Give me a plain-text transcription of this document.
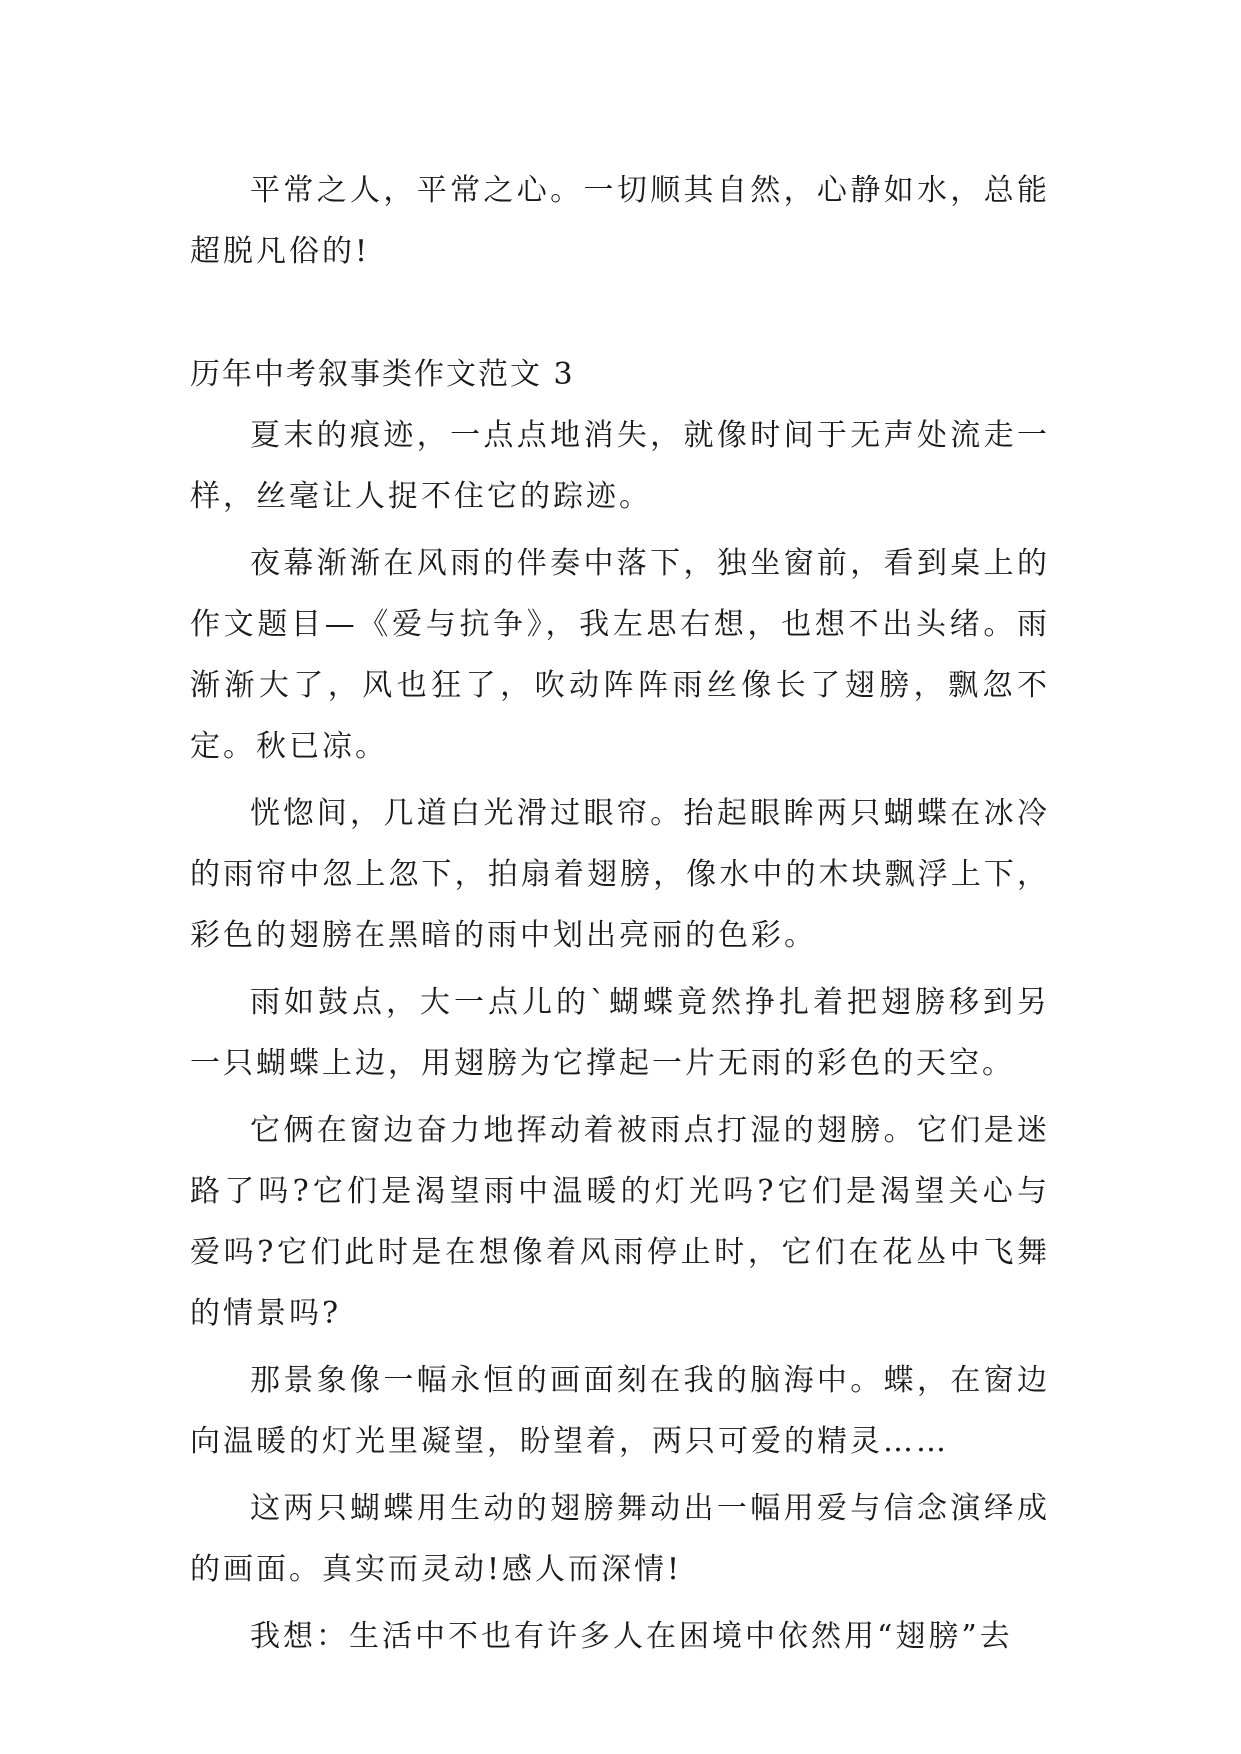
平常之人，平常之心。一切顺其自然，心静如水，总能超脱凡俗的!

历年中考叙事类作文范文 3

夏末的痕迹，一点点地消失，就像时间于无声处流走一样，丝毫让人捉不住它的踪迹。

夜幕渐渐在风雨的伴奏中落下，独坐窗前，看到桌上的作文题目—《爱与抗争》，我左思右想，也想不出头绪。雨渐渐大了，风也狂了，吹动阵阵雨丝像长了翅膀，飘忽不定。秋已凉。

恍惚间，几道白光滑过眼帘。抬起眼眸两只蝴蝶在冰冷的雨帘中忽上忽下，拍扇着翅膀，像水中的木块飘浮上下，彩色的翅膀在黑暗的雨中划出亮丽的色彩。

雨如鼓点，大一点儿的`蝴蝶竟然挣扎着把翅膀移到另一只蝴蝶上边，用翅膀为它撑起一片无雨的彩色的天空。

它俩在窗边奋力地挥动着被雨点打湿的翅膀。它们是迷路了吗?它们是渴望雨中温暖的灯光吗?它们是渴望关心与爱吗?它们此时是在想像着风雨停止时，它们在花丛中飞舞的情景吗?

那景象像一幅永恒的画面刻在我的脑海中。蝶，在窗边向温暖的灯光里凝望，盼望着，两只可爱的精灵……

这两只蝴蝶用生动的翅膀舞动出一幅用爱与信念演绎成的画面。真实而灵动!感人而深情!

我想：生活中不也有许多人在困境中依然用“翅膀”去
